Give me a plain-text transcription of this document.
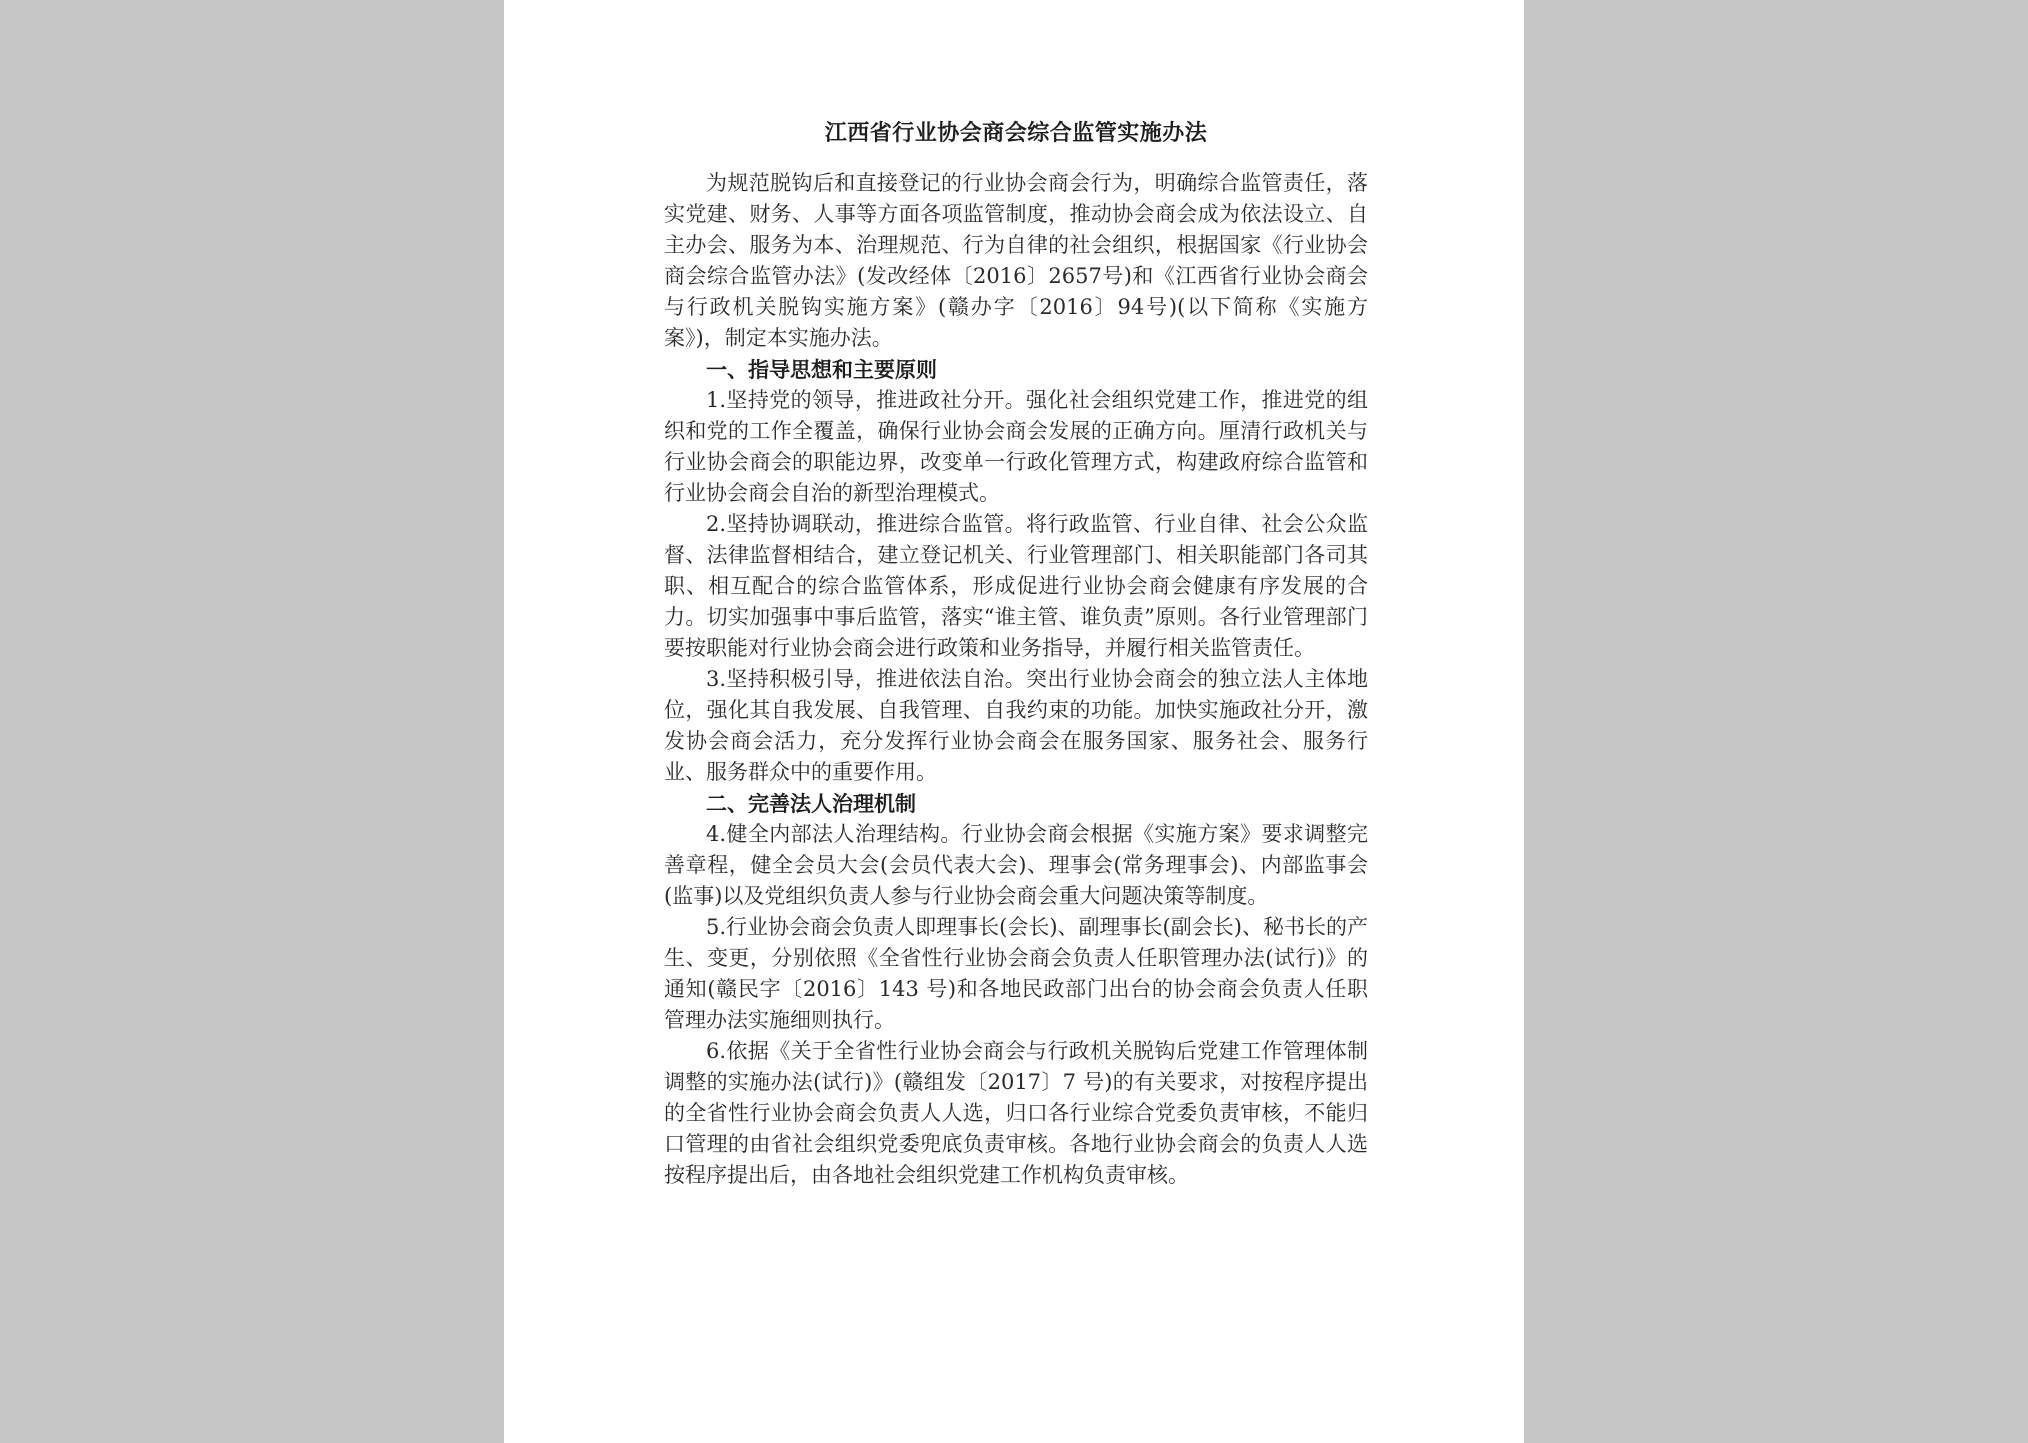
江西省行业协会商会综合监管实施办法

为规范脱钩后和直接登记的行业协会商会行为，明确综合监管责任，落实党建、财务、人事等方面各项监管制度，推动协会商会成为依法设立、自主办会、服务为本、治理规范、行为自律的社会组织，根据国家《行业协会商会综合监管办法》(发改经体〔2016〕2657号)和《江西省行业协会商会与行政机关脱钩实施方案》(赣办字〔2016〕94号)(以下简称《实施方案》)，制定本实施办法。

一、指导思想和主要原则

1.坚持党的领导，推进政社分开。强化社会组织党建工作，推进党的组织和党的工作全覆盖，确保行业协会商会发展的正确方向。厘清行政机关与行业协会商会的职能边界，改变单一行政化管理方式，构建政府综合监管和行业协会商会自治的新型治理模式。

2.坚持协调联动，推进综合监管。将行政监管、行业自律、社会公众监督、法律监督相结合，建立登记机关、行业管理部门、相关职能部门各司其职、相互配合的综合监管体系，形成促进行业协会商会健康有序发展的合力。切实加强事中事后监管，落实“谁主管、谁负责”原则。各行业管理部门要按职能对行业协会商会进行政策和业务指导，并履行相关监管责任。

3.坚持积极引导，推进依法自治。突出行业协会商会的独立法人主体地位，强化其自我发展、自我管理、自我约束的功能。加快实施政社分开，激发协会商会活力，充分发挥行业协会商会在服务国家、服务社会、服务行业、服务群众中的重要作用。

二、完善法人治理机制

4.健全内部法人治理结构。行业协会商会根据《实施方案》要求调整完善章程，健全会员大会(会员代表大会)、理事会(常务理事会)、内部监事会(监事)以及党组织负责人参与行业协会商会重大问题决策等制度。

5.行业协会商会负责人即理事长(会长)、副理事长(副会长)、秘书长的产生、变更，分别依照《全省性行业协会商会负责人任职管理办法(试行)》的通知(赣民字〔2016〕143 号)和各地民政部门出台的协会商会负责人任职管理办法实施细则执行。

6.依据《关于全省性行业协会商会与行政机关脱钩后党建工作管理体制调整的实施办法(试行)》(赣组发〔2017〕7 号)的有关要求，对按程序提出的全省性行业协会商会负责人人选，归口各行业综合党委负责审核，不能归口管理的由省社会组织党委兜底负责审核。各地行业协会商会的负责人人选按程序提出后，由各地社会组织党建工作机构负责审核。
